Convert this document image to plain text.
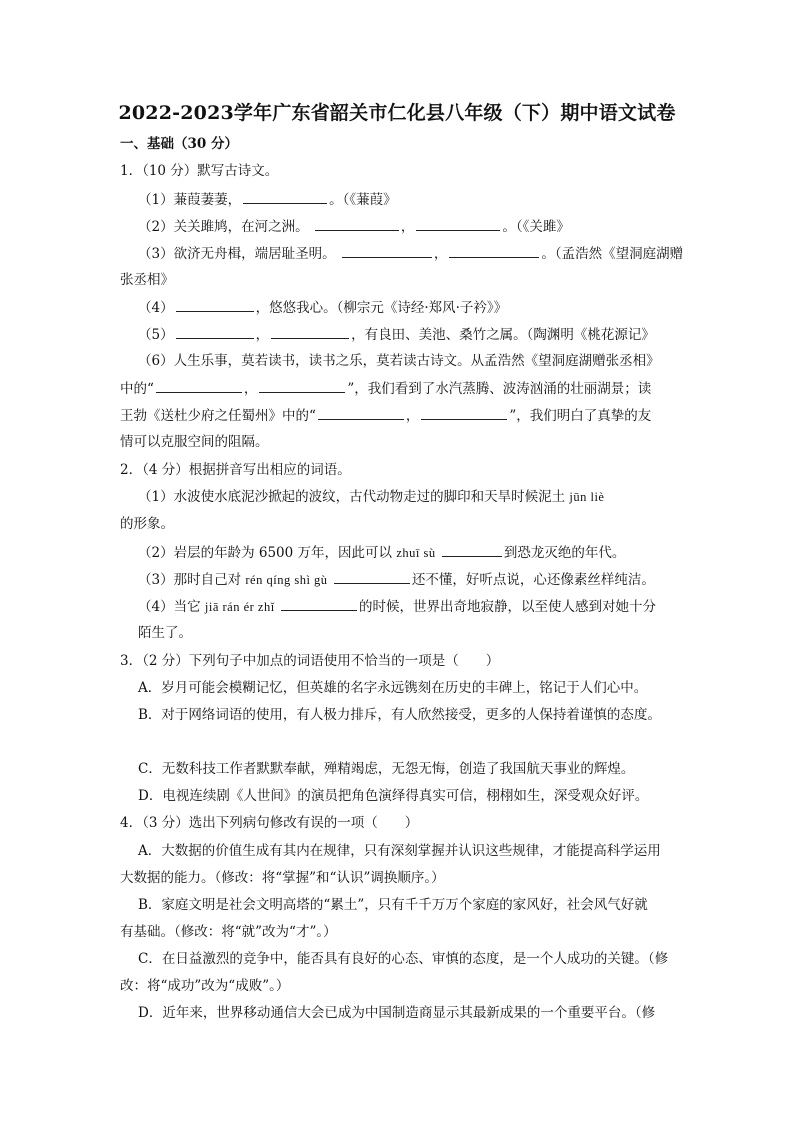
2022-2023学年广东省韶关市仁化县八年级（下）期中语文试卷
一、基础（30 分）
1．（10 分）默写古诗文。
（1）蒹葭萋萋，	。（《蒹葭》
（2）关关雎鸠，在河之洲。	，	。（《关雎》
（3）欲济无舟楫，端居耻圣明。	，	。（孟浩然《望洞庭湖赠
张丞相》
（4）	，悠悠我心。（柳宗元《诗经·郑风·子衿》》
（5）	，	，有良田、美池、桑竹之属。（陶渊明《桃花源记》
（6）人生乐事，莫若读书，读书之乐，莫若读古诗文。从孟浩然《望洞庭湖赠张丞相》
中的“	，	”，我们看到了水汽蒸腾、波涛汹涌的壮丽湖景；读
王勃《送杜少府之任蜀州》中的“	，	”，我们明白了真挚的友
情可以克服空间的阻隔。
2．（4 分）根据拼音写出相应的词语。
（1）水波使水底泥沙掀起的波纹，古代动物走过的脚印和天旱时候泥土 jūn liè
的形象。
（2）岩层的年龄为 6500 万年，因此可以 zhuī sù	到恐龙灭绝的年代。
（3）那时自己对 rén qíng shì gù	还不懂，好听点说，心还像素丝样纯洁。
（4）当它 jiā rán ér zhǐ	的时候，世界出奇地寂静，以至使人感到对她十分
陌生了。
3．（2 分）下列句子中加点的词语使用不恰当的一项是（　　）
A．岁月可能会模糊记忆，但英雄的名字永远镌刻在历史的丰碑上，铭记于人们心中。
B．对于网络词语的使用，有人极力排斥，有人欣然接受，更多的人保持着谨慎的态度。
C．无数科技工作者默默奉献，殚精竭虑，无怨无悔，创造了我国航天事业的辉煌。
D．电视连续剧《人世间》的演员把角色演绎得真实可信，栩栩如生，深受观众好评。
4．（3 分）选出下列病句修改有误的一项（　　）
A．大数据的价值生成有其内在规律，只有深刻掌握并认识这些规律，才能提高科学运用
大数据的能力。（修改：将“掌握”和“认识”调换顺序。）
B．家庭文明是社会文明高塔的“累土”，只有千千万万个家庭的家风好，社会风气好就
有基础。（修改：将“就”改为“才”。）
C．在日益激烈的竞争中，能否具有良好的心态、审慎的态度，是一个人成功的关键。（修
改：将“成功”改为“成败”。）
D．近年来，世界移动通信大会已成为中国制造商显示其最新成果的一个重要平台。（修
